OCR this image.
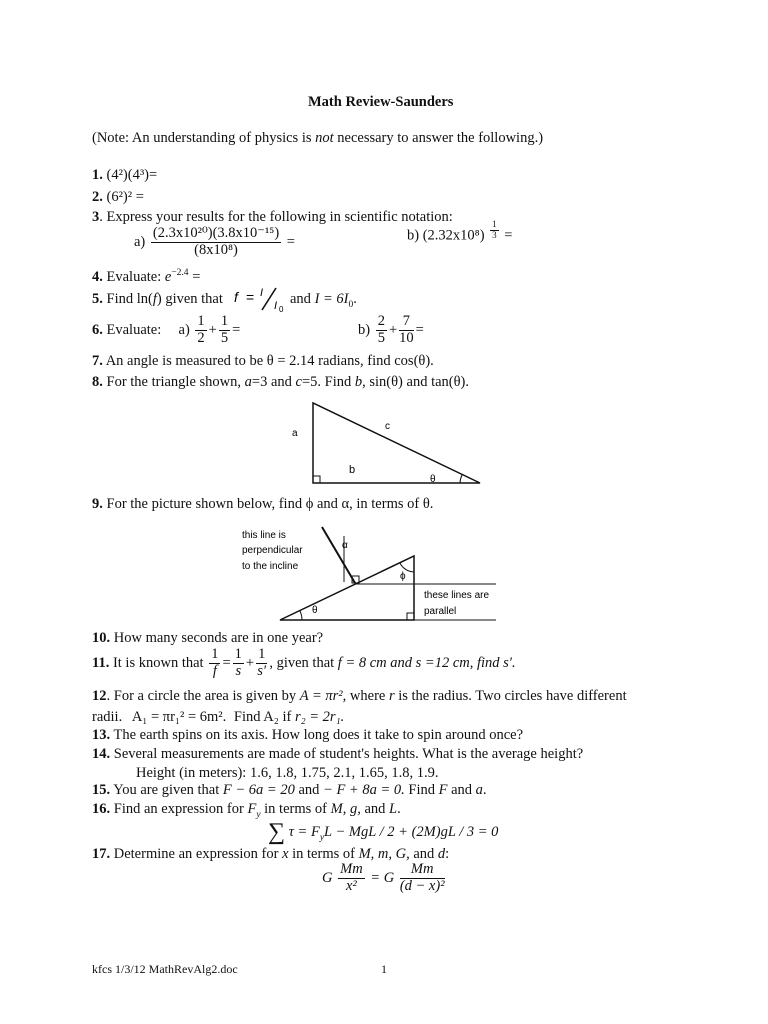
Math Review-Saunders
(Note: An understanding of physics is not necessary to answer the following.)
1. (4²)(4³)=
2. (6²)² =
3. Express your results for the following in scientific notation:
$a) \frac{\text{(2.3x10²⁰)(3.8x10⁻¹⁵)}}{\text{(8x10⁸)}}$ =	b) $(2.32x10^8) \frac{1}{3}$ =
4. Evaluate: $e^{-2.4}$ =
5. Find ln(f) given that f = I
I 0
and $I = 6I_0$.
6. Evaluate: $a) \frac{1}{2} + \frac{1}{5}$ =	$b) \frac{2}{5} + \frac{7}{10}$ =
7. An angle is measured to be θ = 2.14 radians, find cos(θ).
8. For the triangle shown, a=3 and c=5. Find b, sin(θ) and tan(θ).
a
c
b
θ
9. For the picture shown below, find ϕ and α, in terms of θ.
this line is
perpendicular
to the incline
α
ϕ
θ
these lines are
parallel
10. How many seconds are in one year?
11. It is known that $\frac{1}{f} = \frac{1}{s} + \frac{1}{s'}$ , given that f = 8 cm and s =12 cm, find s′.
12. For a circle the area is given by A = πr², where r is the radius. Two circles have different
radii. A₁ = πr₁² = 6m². Find A₂ if r₂ = 2r₁.
13. The earth spins on its axis. How long does it take to spin around once?
14. Several measurements are made of student's heights. What is the average height?
Height (in meters): 1.6, 1.8, 1.75, 2.1, 1.65, 1.8, 1.9.
15. You are given that F − 6a = 20 and − F + 8a = 0. Find F and a.
16. Find an expression for $F_y$ in terms of M, g, and L.
∑ $\tau = F_yL$ − MgL / 2 + (2M)gL / 3 = 0
17. Determine an expression for x in terms of M, m, G, and d:
G $\frac{Mm}{\text{x²}} = G \frac{Mm}{\text{(d − x)²}}$
kfcs 1/3/12 MathRevAlg2.doc	1
